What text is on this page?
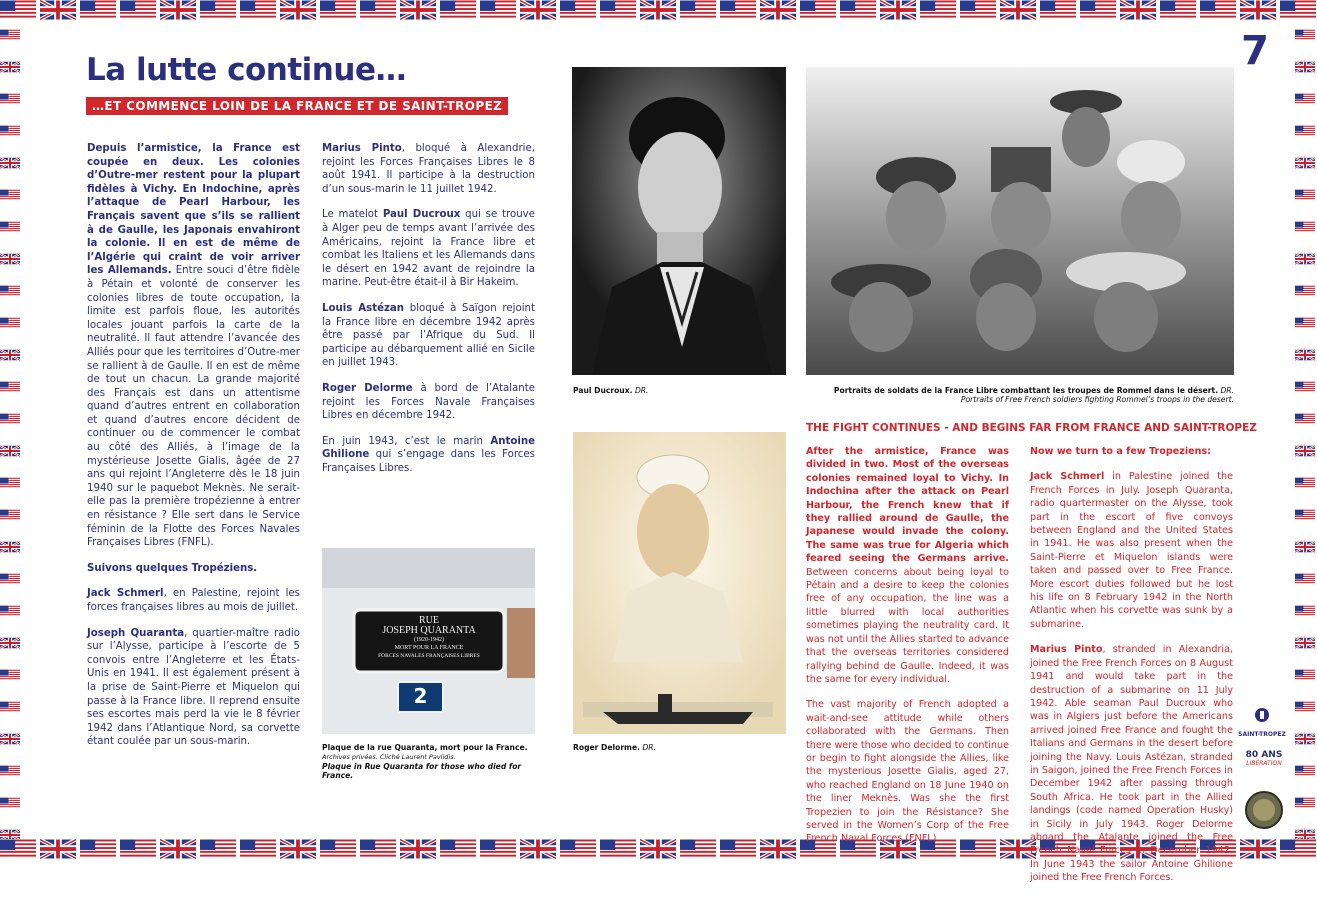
7
La lutte continue…
…ET COMMENCE LOIN DE LA FRANCE ET DE SAINT-TROPEZ

Depuis l’armistice, la France est coupée en deux. Les colonies d’Outre-mer restent pour la plupart fidèles à Vichy. En Indochine, après l’attaque de Pearl Harbour, les Français savent que s’ils se rallient à de Gaulle, les Japonais envahiront la colonie. Il en est de même de l’Algérie qui craint de voir arriver les Allemands. Entre souci d’être fidèle à Pétain et volonté de conserver les colonies libres de toute occupation, la limite est parfois floue, les autorités locales jouant parfois la carte de la neutralité. Il faut attendre l’avancée des Alliés pour que les territoires d’Outre-mer se rallient à de Gaulle. Il en est de même de tout un chacun. La grande majorité des Français est dans un attentisme quand d’autres entrent en collaboration et quand d’autres encore décident de continuer ou de commencer le combat au côté des Alliés, à l’image de la mystérieuse Josette Gialis, âgée de 27 ans qui rejoint l’Angleterre dès le 18 juin 1940 sur le paquebot Meknès. Ne serait-elle pas la première tropézienne à entrer en résistance ? Elle sert dans le Service féminin de la Flotte des Forces Navales Françaises Libres (FNFL).

Suivons quelques Tropéziens.

Jack Schmerl, en Palestine, rejoint les forces françaises libres au mois de juillet.

Joseph Quaranta, quartier-maître radio sur l’Alysse, participe à l’escorte de 5 convois entre l’Angleterre et les États-Unis en 1941. Il est également présent à la prise de Saint-Pierre et Miquelon qui passe à la France libre. Il reprend ensuite ses escortes mais perd la vie le 8 février 1942 dans l’Atlantique Nord, sa corvette étant coulée par un sous-marin.

Marius Pinto, bloqué à Alexandrie, rejoint les Forces Françaises Libres le 8 août 1941. Il participe à la destruction d’un sous-marin le 11 juillet 1942.

Le matelot Paul Ducroux qui se trouve à Alger peu de temps avant l’arrivée des Américains, rejoint la France libre et combat les Italiens et les Allemands dans le désert en 1942 avant de rejoindre la marine. Peut-être était-il à Bir Hakeim.

Louis Astézan bloqué à Saïgon rejoint la France libre en décembre 1942 après être passé par l’Afrique du Sud. Il participe au débarquement allié en Sicile en juillet 1943.

Roger Delorme à bord de l’Atalante rejoint les Forces Navale Françaises Libres en décembre 1942.

En juin 1943, c’est le marin Antoine Ghilione qui s’engage dans les Forces Françaises Libres.

Paul Ducroux. DR.	Portraits de soldats de la France Libre combattant les troupes de Rommel dans le désert. DR.
Portraits of Free French soldiers fighting Rommel’s troops in the desert.
RUE
JOSEPH QUARANTA
(1920-1942)
MORT POUR LA FRANCE
FORCES NAVALES FRANÇAISES LIBRES
2
Plaque de la rue Quaranta, mort pour la France.
Archives privées. Cliché Laurent Pavlidis.
Plaque in Rue Quaranta for those who died for France.
Roger Delorme. DR.
THE FIGHT CONTINUES - AND BEGINS FAR FROM FRANCE AND SAINT-TROPEZ

After the armistice, France was divided in two. Most of the overseas colonies remained loyal to Vichy. In Indochina after the attack on Pearl Harbour, the French knew that if they rallied around de Gaulle, the Japanese would invade the colony. The same was true for Algeria which feared seeing the Germans arrive. Between concerns about being loyal to Pétain and a desire to keep the colonies free of any occupation, the line was a little blurred with local authorities sometimes playing the neutrality card. It was not until the Allies started to advance that the overseas territories considered rallying behind de Gaulle. Indeed, it was the same for every individual.

The vast majority of French adopted a wait-and-see attitude while others collaborated with the Germans. Then there were those who decided to continue or begin to fight alongside the Allies, like the mysterious Josette Gialis, aged 27, who reached England on 18 June 1940 on the liner Meknès. Was she the first Tropezien to join the Résistance? She served in the Women’s Corp of the Free French Naval Forces (FNFL).

Now we turn to a few Tropeziens:

Jack Schmerl in Palestine joined the French Forces in July. Joseph Quaranta, radio quartermaster on the Alysse, took part in the escort of five convoys between England and the United States in 1941. He was also present when the Saint-Pierre et Miquelon islands were taken and passed over to Free France. More escort duties followed but he lost his life on 8 February 1942 in the North Atlantic when his corvette was sunk by a submarine.

Marius Pinto, stranded in Alexandria, joined the Free French Forces on 8 August 1941 and would take part in the destruction of a submarine on 11 July 1942. Able seaman Paul Ducroux who was in Algiers just before the Americans arrived joined Free France and fought the Italians and Germans in the desert before joining the Navy. Louis Astézan, stranded in Saigon, joined the Free French Forces in December 1942 after passing through South Africa. He took part in the Allied landings (code named Operation Husky) in Sicily in July 1943. Roger Delorme aboard the Atalante joined the Free French Naval Forces in December 1942. In June 1943 the sailor Antoine Ghilione joined the Free French Forces.

SAINT-TROPEZ
80 ANS
LIBÉRATION
